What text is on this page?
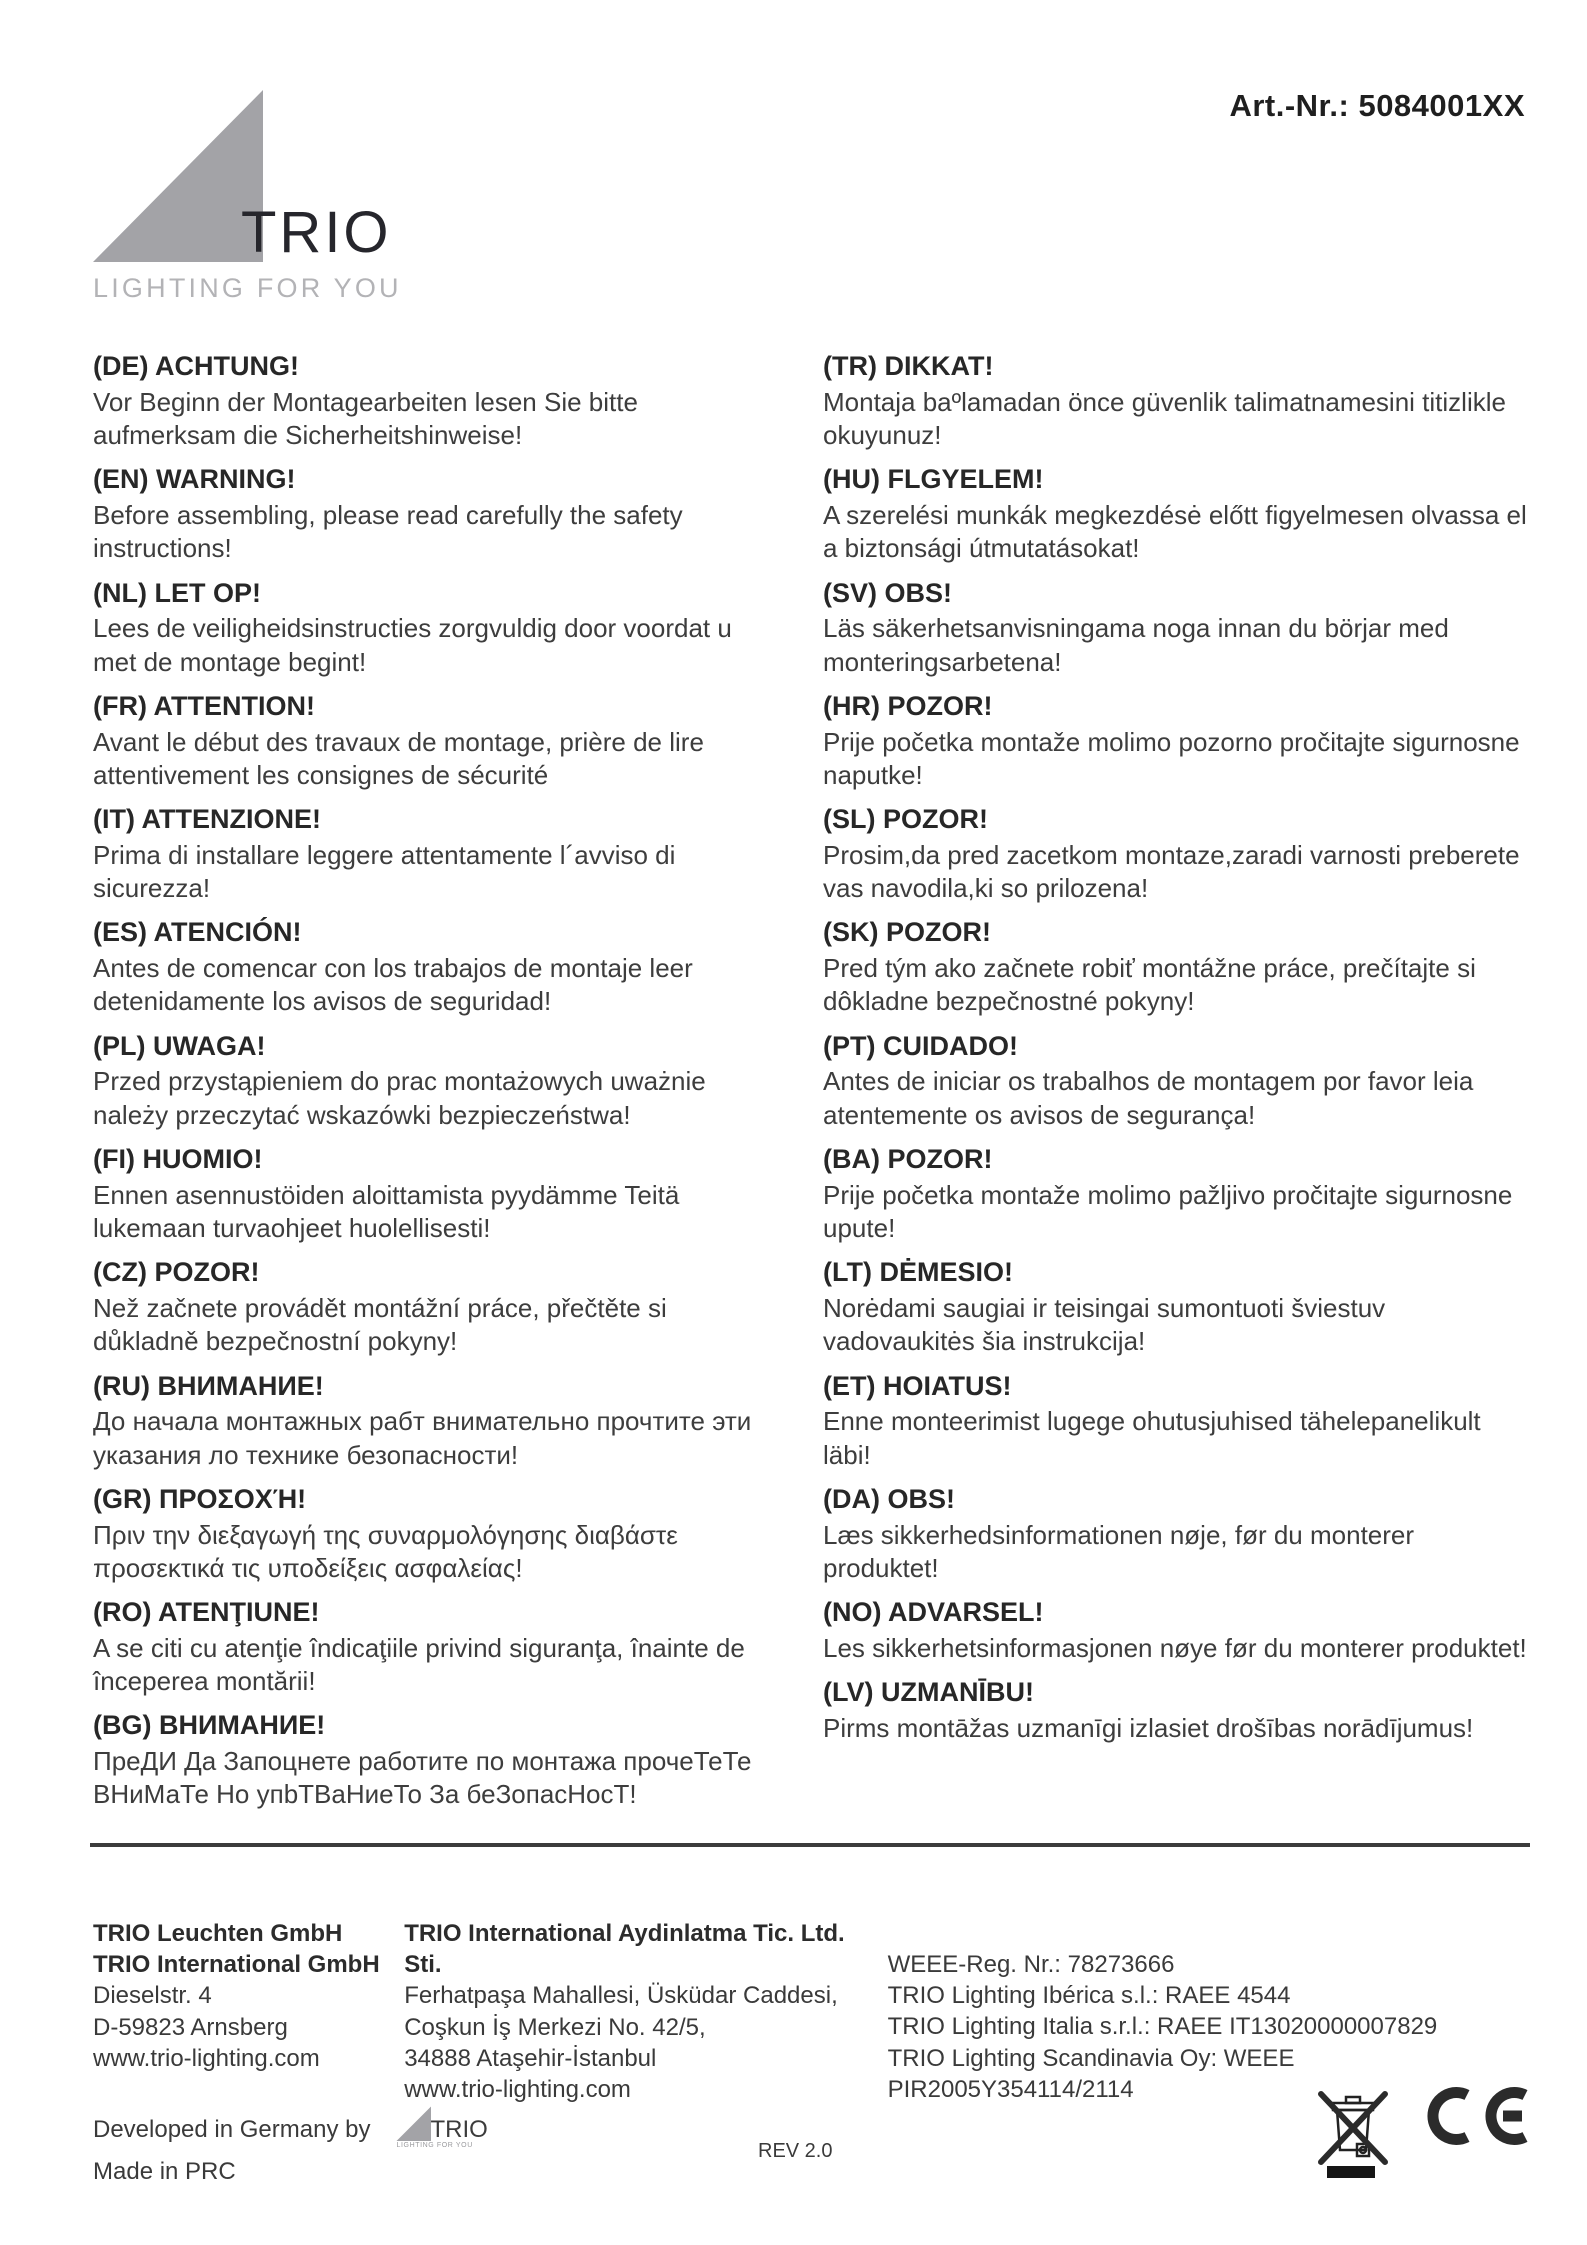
Art.-Nr.: 5084001XX
TRIO
LIGHTING FOR YOU
(DE) ACHTUNG!

Vor Beginn der Montagearbeiten lesen Sie bitte aufmerksam die Sicherheitshinweise!

(EN) WARNING!

Before assembling, please read carefully the safety instructions!

(NL) LET OP!

Lees de veiligheidsinstructies zorgvuldig door voordat u met de montage begint!

(FR) ATTENTION!

Avant le début des travaux de montage, prière de lire attentivement les consignes de sécurité

(IT) ATTENZIONE!

Prima di installare leggere attentamente l´avviso di sicurezza!

(ES) ATENCIÓN!

Antes de comencar con los trabajos de montaje leer detenidamente los avisos de seguridad!

(PL) UWAGA!

Przed przystąpieniem do prac montażowych uważnie należy przeczytać wskazówki bezpieczeństwa!

(FI) HUOMIO!

Ennen asennustöiden aloittamista pyydämme Teitä lukemaan turvaohjeet huolellisesti!

(CZ) POZOR!

Než začnete provádět montážní práce, přečtěte si důkladně bezpečnostní pokyny!

(RU) ВНИМАНИЕ!

До начала монтажных рабт внимательно прочтите эти указания ло технике безопасности!

(GR) ΠΡΟΣΟΧΉ!

Πριν την διεξαγωγή της συναρμολόγησης διαβάστε προσεκτικά τις υποδείξεις ασφαλείας!

(RO) ATENŢIUNE!

A se citi cu atenţie îndicaţiile privind siguranţa, înainte de începerea montării!

(BG) ВНИМАНИЕ!

ПреДИ Да Запоцнете работите по монтажа прочеТеТе ВНиМаТе Но упbТВаНиеТо За беЗопасНосТ!

(TR) DIKKAT!

Montaja baºlamadan önce güvenlik talimatnamesini titizlikle okuyunuz!

(HU) FLGYELEM!

A szerelési munkák megkezdésė előtt figyelmesen olvassa el a biztonsági útmutatásokat!

(SV) OBS!

Läs säkerhetsanvisningama noga innan du börjar med monteringsarbetena!

(HR) POZOR!

Prije početka montaže molimo pozorno pročitajte sigurnosne naputke!

(SL) POZOR!

Prosim,da pred zacetkom montaze,zaradi varnosti preberete vas navodila,ki so prilozena!

(SK) POZOR!

Pred tým ako začnete robiť montážne práce, prečítajte si dôkladne bezpečnostné pokyny!

(PT) CUIDADO!

Antes de iniciar os trabalhos de montagem por favor leia atentemente os avisos de segurança!

(BA) POZOR!

Prije početka montaže molimo pažljivo pročitajte sigurnosne upute!

(LT) DĖMESIO!

Norėdami saugiai ir teisingai sumontuoti šviestuv vadovaukitės šia instrukcija!

(ET) HOIATUS!

Enne monteerimist lugege ohutusjuhised tähelepanelikult läbi!

(DA) OBS!

Læs sikkerhedsinformationen nøje, før du monterer produktet!

(NO) ADVARSEL!

Les sikkerhetsinformasjonen nøye før du monterer produktet!

(LV) UZMANĪBU!

Pirms montāžas uzmanīgi izlasiet drošības norādījumus!

TRIO Leuchten GmbH
TRIO International GmbH
Dieselstr. 4
D-59823 Arnsberg
www.trio-lighting.com
TRIO International Aydinlatma Tic. Ltd. Sti.
Ferhatpaşa Mahallesi, Üsküdar Caddesi,
Coşkun İş Merkezi No. 42/5,
34888 Ataşehir-İstanbul
www.trio-lighting.com
WEEE-Reg. Nr.: 78273666
TRIO Lighting Ibérica s.l.: RAEE 4544
TRIO Lighting Italia s.r.l.: RAEE IT13020000007829
TRIO Lighting Scandinavia Oy: WEEE PIR2005Y354114/2114
Developed in Germany by	TRIO
LIGHTING FOR YOU
Made in PRC
REV 2.0
